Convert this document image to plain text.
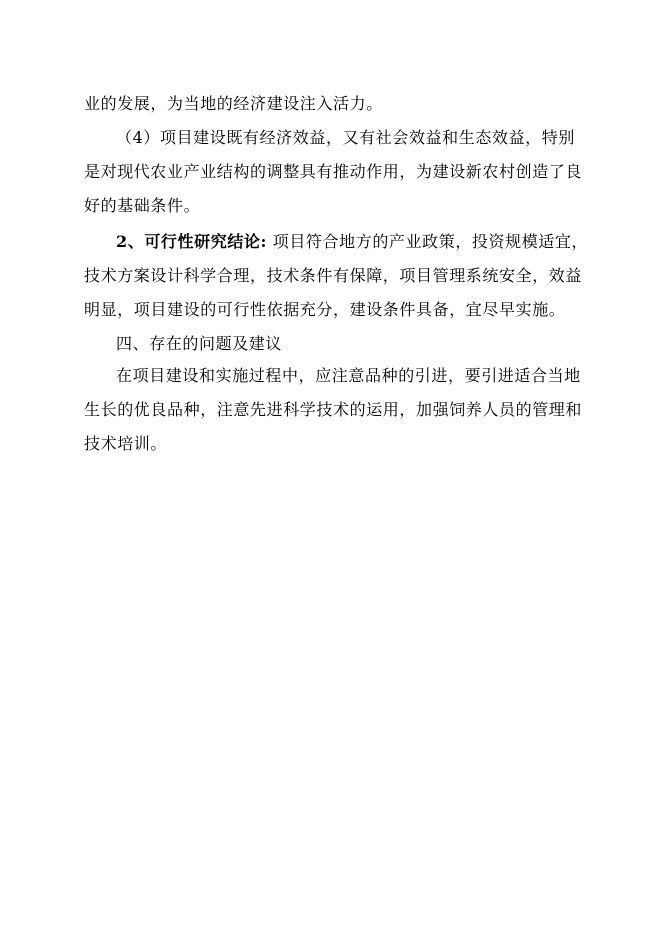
业的发展，为当地的经济建设注入活力。
（4）项目建设既有经济效益，又有社会效益和生态效益，特别
是对现代农业产业结构的调整具有推动作用，为建设新农村创造了良
好的基础条件。
2、可行性研究结论: 项目符合地方的产业政策，投资规模适宜，
技术方案设计科学合理，技术条件有保障，项目管理系统安全，效益
明显，项目建设的可行性依据充分，建设条件具备，宜尽早实施。
四、存在的问题及建议
在项目建设和实施过程中，应注意品种的引进，要引进适合当地
生长的优良品种，注意先进科学技术的运用，加强饲养人员的管理和
技术培训。
